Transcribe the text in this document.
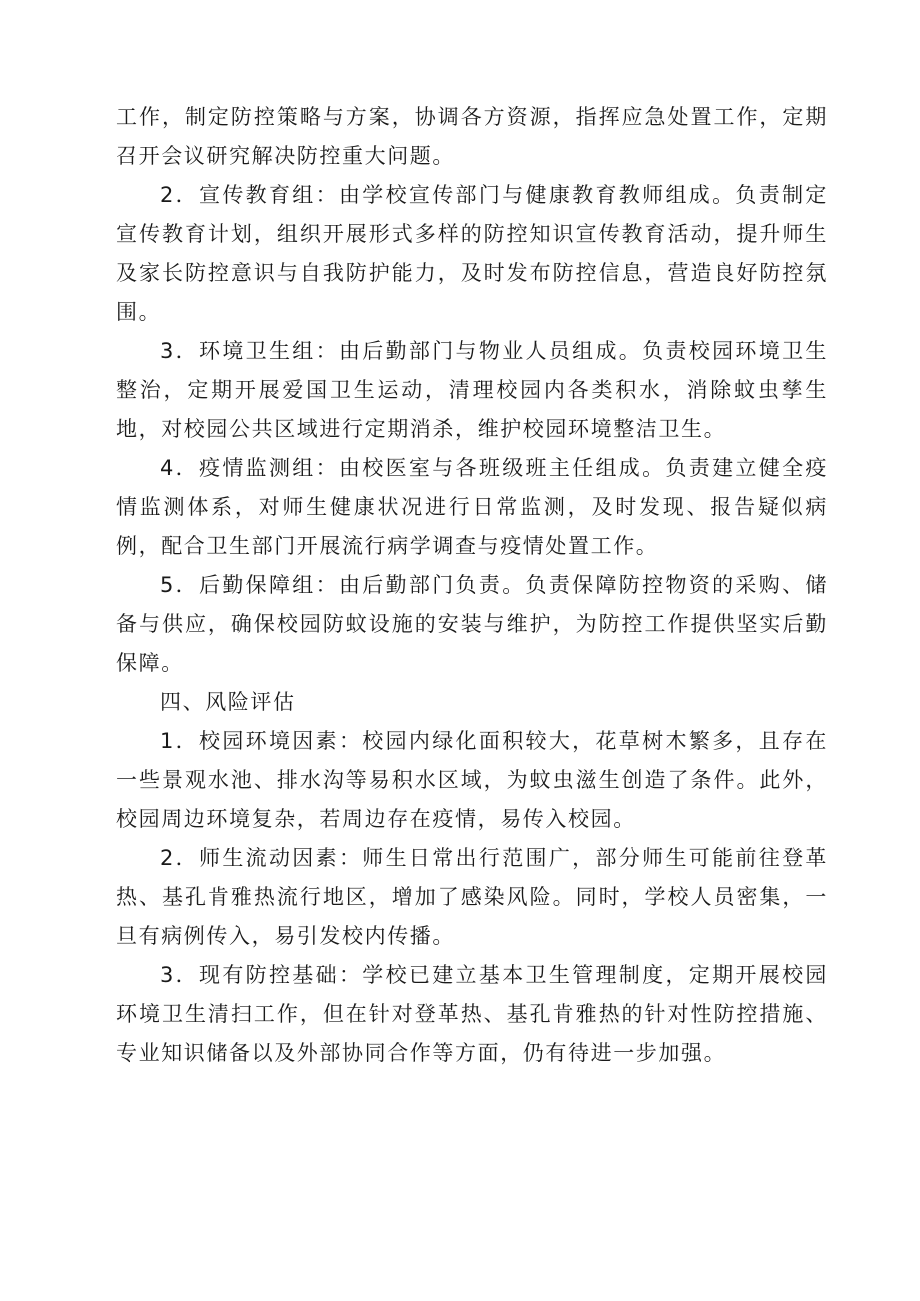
工作，制定防控策略与方案，协调各方资源，指挥应急处置工作，定期召开会议研究解决防控重大问题。

2．宣传教育组：由学校宣传部门与健康教育教师组成。负责制定宣传教育计划，组织开展形式多样的防控知识宣传教育活动，提升师生及家长防控意识与自我防护能力，及时发布防控信息，营造良好防控氛围。

3．环境卫生组：由后勤部门与物业人员组成。负责校园环境卫生整治，定期开展爱国卫生运动，清理校园内各类积水，消除蚊虫孳生地，对校园公共区域进行定期消杀，维护校园环境整洁卫生。

4．疫情监测组：由校医室与各班级班主任组成。负责建立健全疫情监测体系，对师生健康状况进行日常监测，及时发现、报告疑似病例，配合卫生部门开展流行病学调查与疫情处置工作。

5．后勤保障组：由后勤部门负责。负责保障防控物资的采购、储备与供应，确保校园防蚊设施的安装与维护，为防控工作提供坚实后勤保障。

四、风险评估

1．校园环境因素：校园内绿化面积较大，花草树木繁多，且存在一些景观水池、排水沟等易积水区域，为蚊虫滋生创造了条件。此外，校园周边环境复杂，若周边存在疫情，易传入校园。

2．师生流动因素：师生日常出行范围广，部分师生可能前往登革热、基孔肯雅热流行地区，增加了感染风险。同时，学校人员密集，一旦有病例传入，易引发校内传播。

3．现有防控基础：学校已建立基本卫生管理制度，定期开展校园环境卫生清扫工作，但在针对登革热、基孔肯雅热的针对性防控措施、专业知识储备以及外部协同合作等方面，仍有待进一步加强。
